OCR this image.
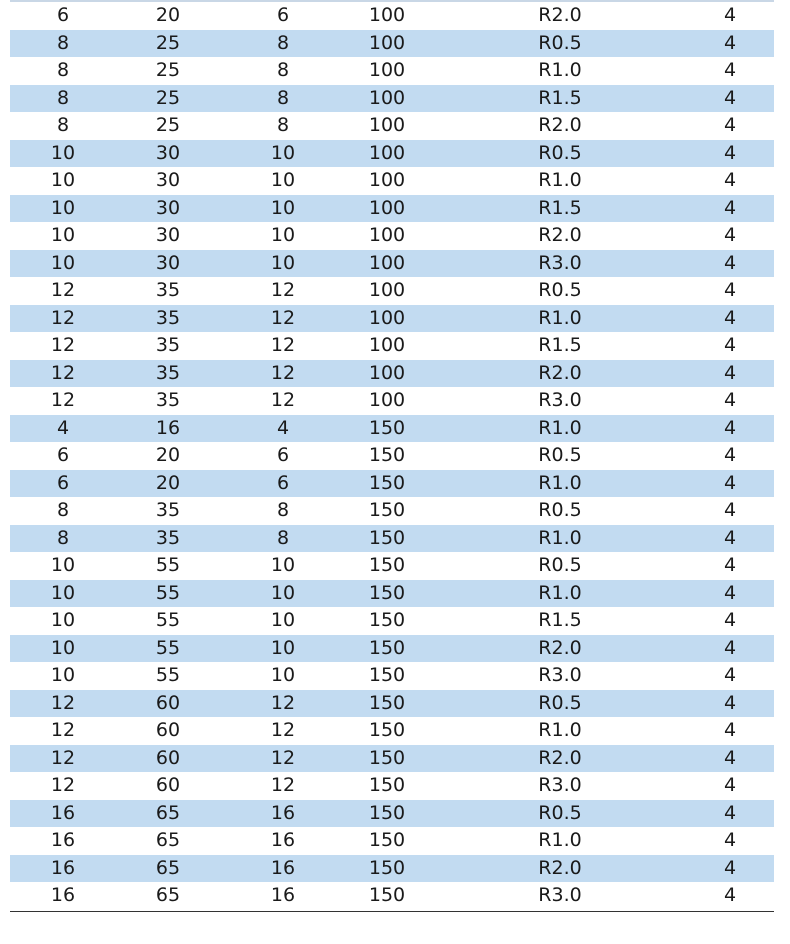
6	20	6	100	R2.0	4
8	25	8	100	R0.5	4
8	25	8	100	R1.0	4
8	25	8	100	R1.5	4
8	25	8	100	R2.0	4
10	30	10	100	R0.5	4
10	30	10	100	R1.0	4
10	30	10	100	R1.5	4
10	30	10	100	R2.0	4
10	30	10	100	R3.0	4
12	35	12	100	R0.5	4
12	35	12	100	R1.0	4
12	35	12	100	R1.5	4
12	35	12	100	R2.0	4
12	35	12	100	R3.0	4
4	16	4	150	R1.0	4
6	20	6	150	R0.5	4
6	20	6	150	R1.0	4
8	35	8	150	R0.5	4
8	35	8	150	R1.0	4
10	55	10	150	R0.5	4
10	55	10	150	R1.0	4
10	55	10	150	R1.5	4
10	55	10	150	R2.0	4
10	55	10	150	R3.0	4
12	60	12	150	R0.5	4
12	60	12	150	R1.0	4
12	60	12	150	R2.0	4
12	60	12	150	R3.0	4
16	65	16	150	R0.5	4
16	65	16	150	R1.0	4
16	65	16	150	R2.0	4
16	65	16	150	R3.0	4
